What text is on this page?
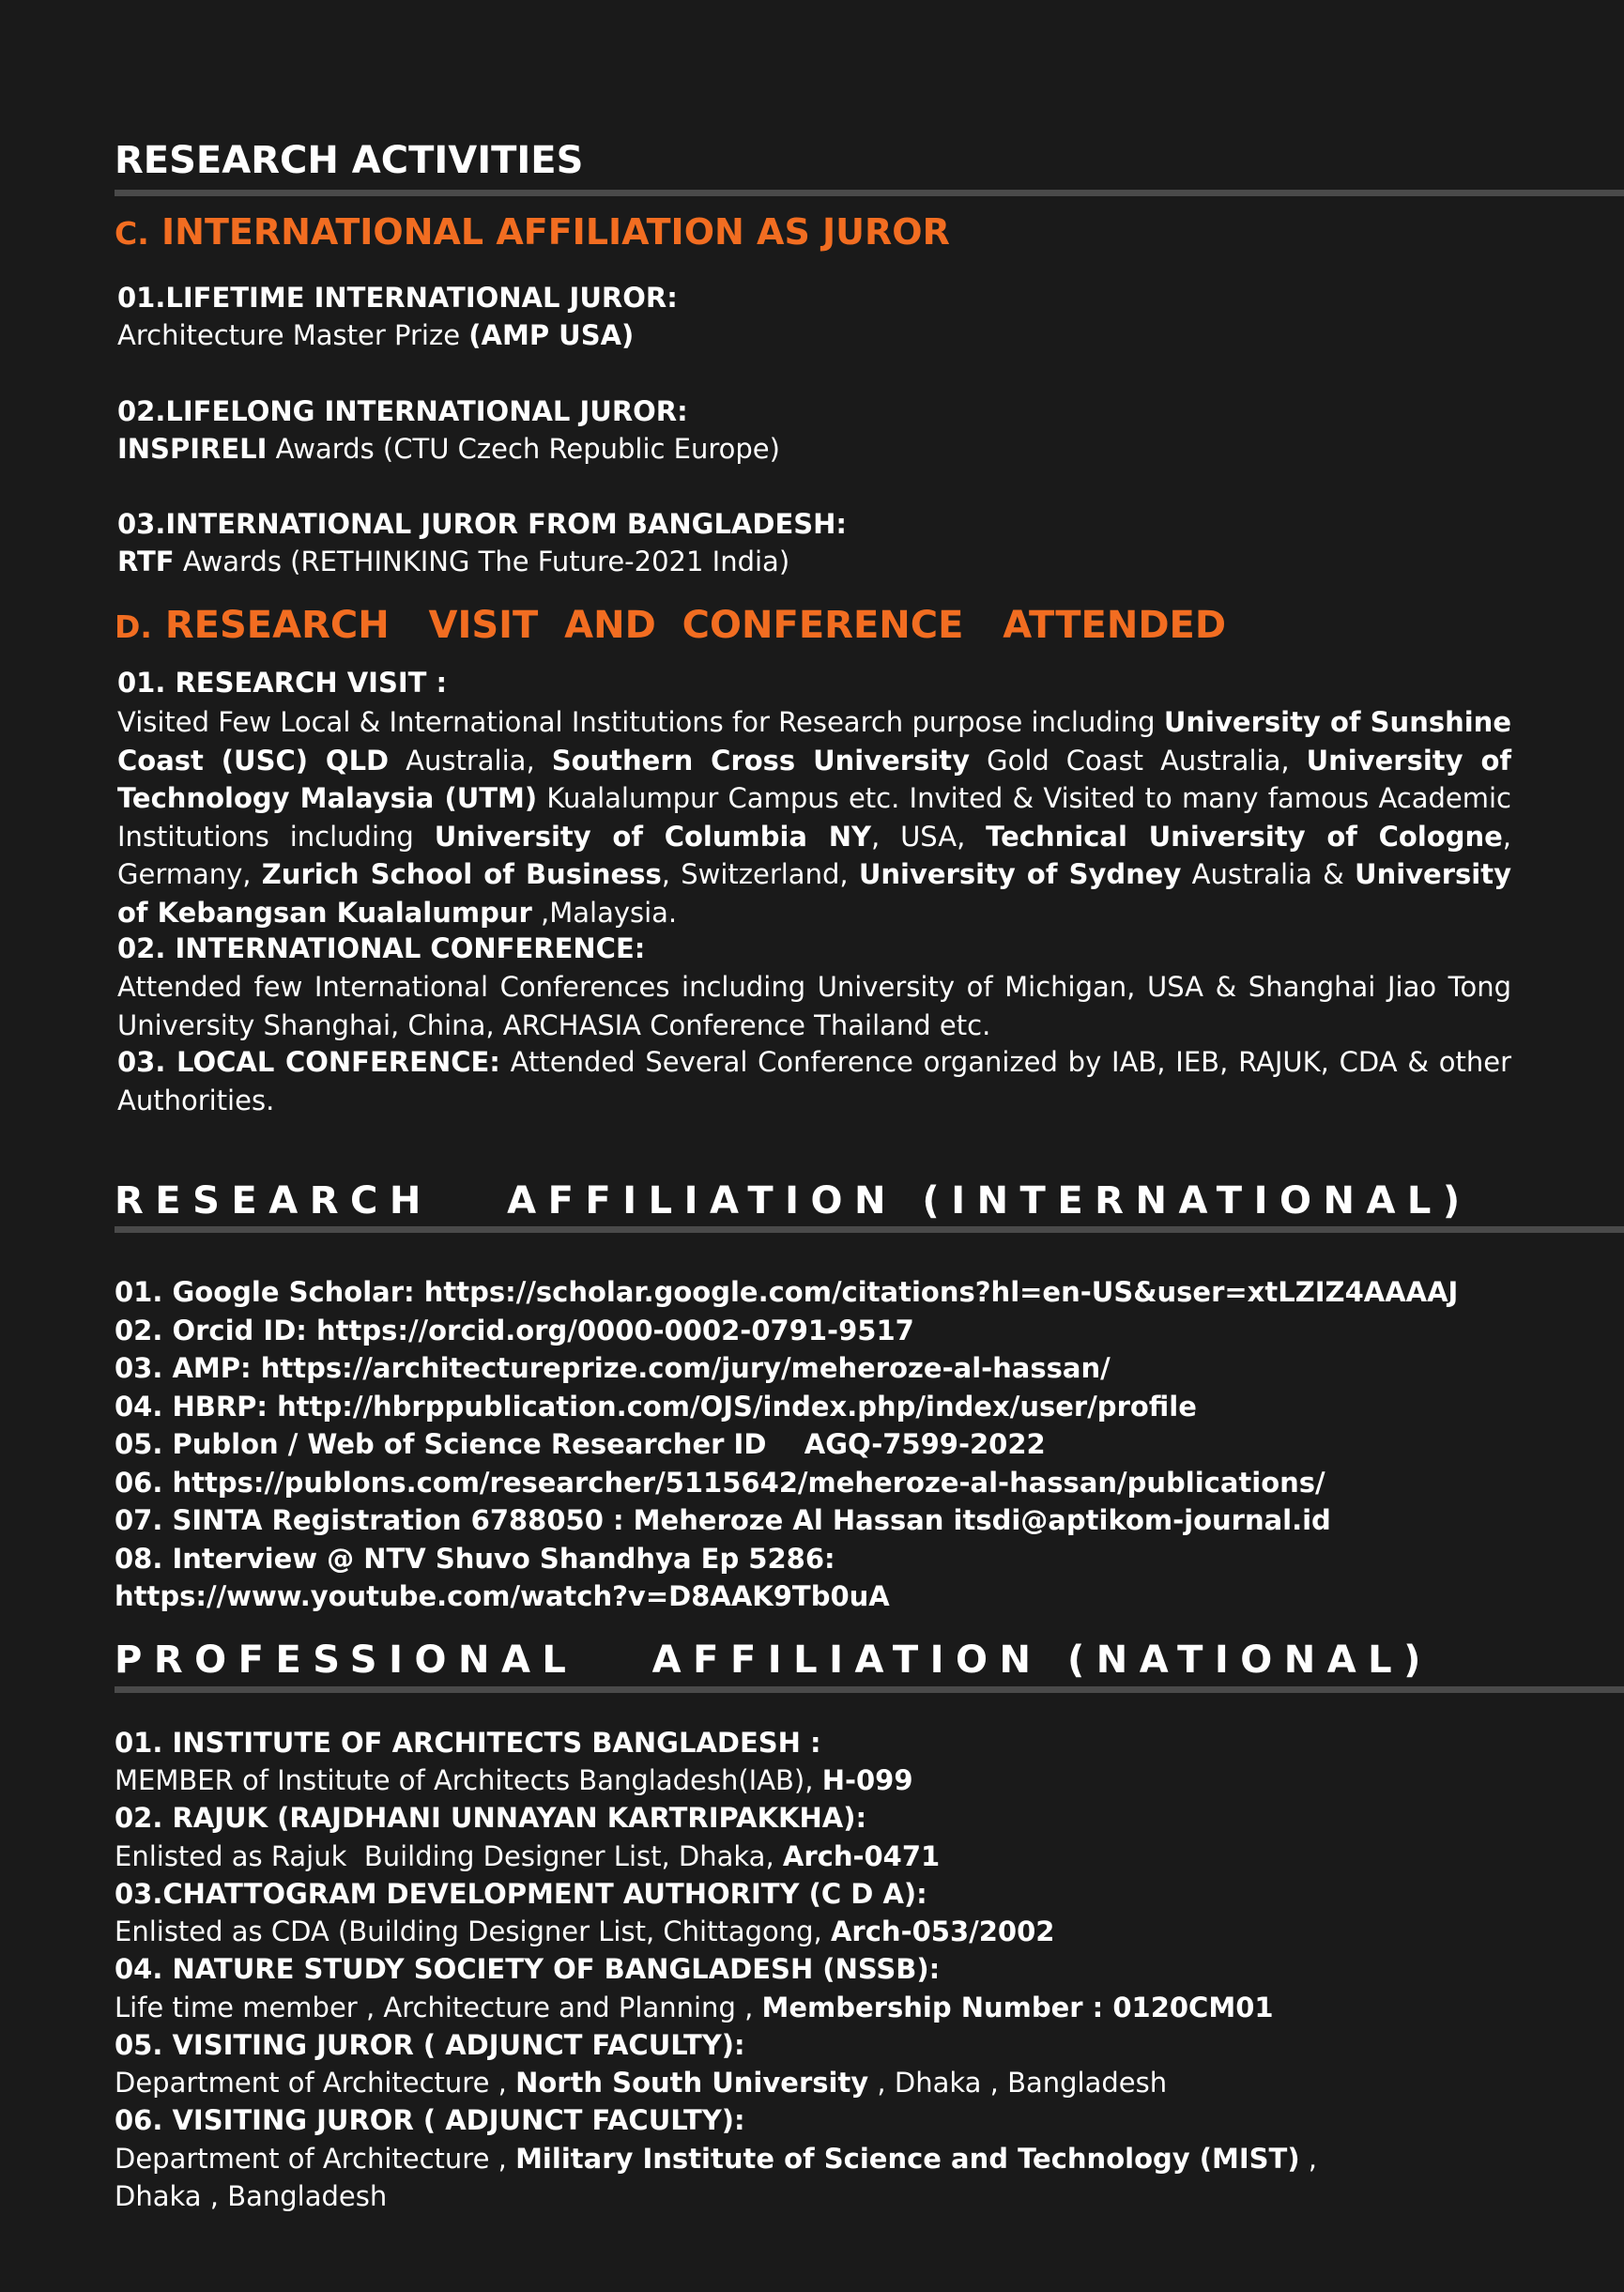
RESEARCH ACTIVITIES
C. INTERNATIONAL AFFILIATION AS JUROR
01.LIFETIME INTERNATIONAL JUROR:
Architecture Master Prize (AMP USA)
02.LIFELONG INTERNATIONAL JUROR:
INSPIRELI Awards (CTU Czech Republic Europe)
03.INTERNATIONAL JUROR FROM BANGLADESH:
RTF Awards (RETHINKING The Future-2021 India)
D. RESEARCH   VISIT  AND  CONFERENCE   ATTENDED
01. RESEARCH VISIT :
Visited Few Local & International Institutions for Research purpose including University of Sunshine Coast (USC) QLD Australia, Southern Cross University Gold Coast Australia, University of Technology Malaysia (UTM) Kualalumpur Campus etc. Invited & Visited to many famous Academic Institutions including University of Columbia NY, USA, Technical University of Cologne, Germany, Zurich School of Business, Switzerland, University of Sydney Australia & University of Kebangsan Kualalumpur ,Malaysia.
02. INTERNATIONAL CONFERENCE:
Attended few International Conferences including University of Michigan, USA & Shanghai Jiao Tong University Shanghai, China, ARCHASIA Conference Thailand etc.
03. LOCAL CONFERENCE: Attended Several Conference organized by IAB, IEB, RAJUK, CDA & other Authorities.
RESEARCH   AFFILIATION (INTERNATIONAL)
01. Google Scholar: https://scholar.google.com/citations?hl=en-US&user=xtLZIZ4AAAAJ
02. Orcid ID: https://orcid.org/0000-0002-0791-9517
03. AMP: https://architectureprize.com/jury/meheroze-al-hassan/
04. HBRP: http://hbrppublication.com/OJS/index.php/index/user/profile
05. Publon / Web of Science Researcher ID    AGQ-7599-2022
06. https://publons.com/researcher/5115642/meheroze-al-hassan/publications/
07. SINTA Registration 6788050 : Meheroze Al Hassan itsdi@aptikom-journal.id
08. Interview @ NTV Shuvo Shandhya Ep 5286:
https://www.youtube.com/watch?v=D8AAK9Tb0uA
PROFESSIONAL   AFFILIATION (NATIONAL)
01. INSTITUTE OF ARCHITECTS BANGLADESH :
MEMBER of Institute of Architects Bangladesh(IAB), H-099
02. RAJUK (RAJDHANI UNNAYAN KARTRIPAKKHA):
Enlisted as Rajuk  Building Designer List, Dhaka, Arch-0471
03.CHATTOGRAM DEVELOPMENT AUTHORITY (C D A):
Enlisted as CDA (Building Designer List, Chittagong, Arch-053/2002
04. NATURE STUDY SOCIETY OF BANGLADESH (NSSB):
Life time member , Architecture and Planning , Membership Number : 0120CM01
05. VISITING JUROR ( ADJUNCT FACULTY):
Department of Architecture , North South University , Dhaka , Bangladesh
06. VISITING JUROR ( ADJUNCT FACULTY):
Department of Architecture , Military Institute of Science and Technology (MIST) ,
Dhaka , Bangladesh
